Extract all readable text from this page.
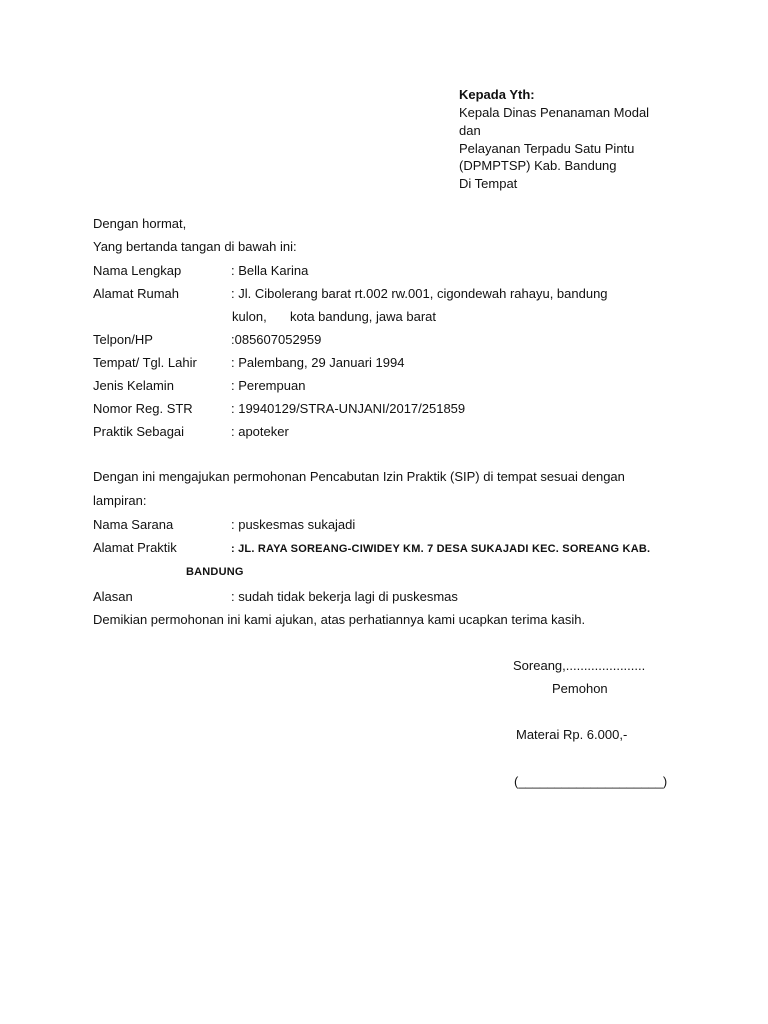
Kepada Yth:
Kepala Dinas Penanaman Modal
dan
Pelayanan Terpadu Satu Pintu
(DPMPTSP) Kab. Bandung
Di Tempat
Dengan hormat,
Yang bertanda tangan di bawah ini:
Nama Lengkap	: Bella Karina
Alamat Rumah	: Jl. Cibolerang barat rt.002 rw.001, cigondewah rahayu, bandung
kulon, kota bandung, jawa barat
Telpon/HP	:085607052959
Tempat/ Tgl. Lahir	: Palembang, 29 Januari 1994
Jenis Kelamin	: Perempuan
Nomor Reg. STR	: 19940129/STRA-UNJANI/2017/251859
Praktik Sebagai	: apoteker
Dengan ini mengajukan permohonan Pencabutan Izin Praktik (SIP) di tempat sesuai dengan
lampiran:
Nama Sarana	: puskesmas sukajadi
Alamat Praktik	: JL. RAYA SOREANG-CIWIDEY KM. 7 DESA SUKAJADI KEC. SOREANG KAB.
BANDUNG
Alasan	: sudah tidak bekerja lagi di puskesmas
Demikian permohonan ini kami ajukan, atas perhatiannya kami ucapkan terima kasih.
Soreang,......................
Pemohon
Materai Rp. 6.000,-
(____________________)
